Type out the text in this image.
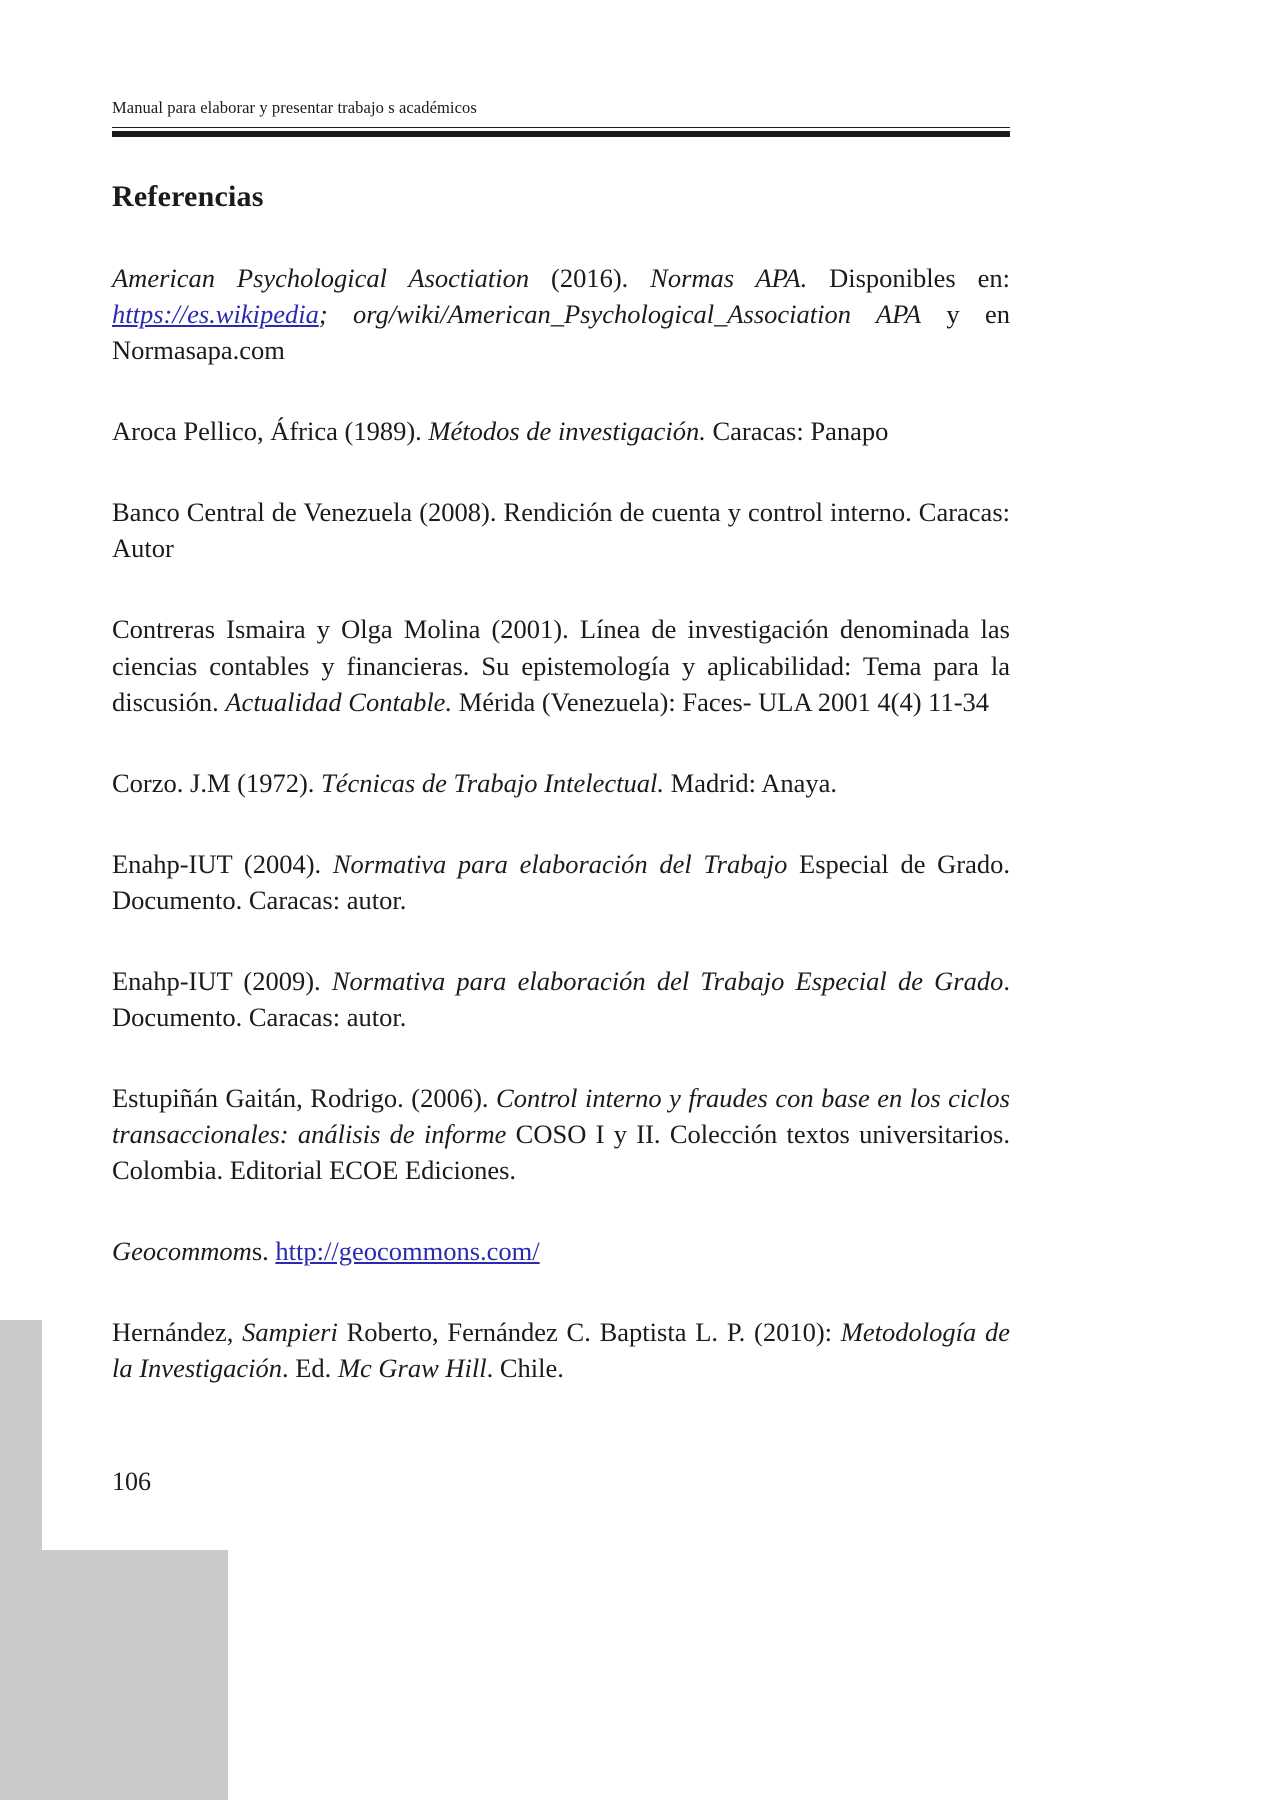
Manual para elaborar y presentar trabajo s académicos
Referencias
American Psychological Asoctiation (2016). Normas APA. Disponibles en: https://es.wikipedia; org/wiki/American_Psychological_Association APA y en Normasapa.com
Aroca Pellico, África (1989). Métodos de investigación. Caracas: Panapo
Banco Central de Venezuela (2008). Rendición de cuenta y control interno. Caracas: Autor
Contreras Ismaira y Olga Molina (2001). Línea de investigación denominada las ciencias contables y financieras. Su epistemología y aplicabilidad: Tema para la discusión. Actualidad Contable. Mérida (Venezuela): Faces- ULA 2001 4(4) 11-34
Corzo. J.M (1972). Técnicas de Trabajo Intelectual. Madrid: Anaya.
Enahp-IUT (2004). Normativa para elaboración del Trabajo Especial de Grado. Documento. Caracas: autor.
Enahp-IUT (2009). Normativa para elaboración del Trabajo Especial de Grado. Documento. Caracas: autor.
Estupiñán Gaitán, Rodrigo. (2006). Control interno y fraudes con base en los ciclos transaccionales: análisis de informe COSO I y II. Colección textos universitarios. Colombia. Editorial ECOE Ediciones.
Geocommoms. http://geocommons.com/
Hernández, Sampieri Roberto, Fernández C. Baptista L. P. (2010): Metodología de la Investigación. Ed. Mc Graw Hill. Chile.
106
